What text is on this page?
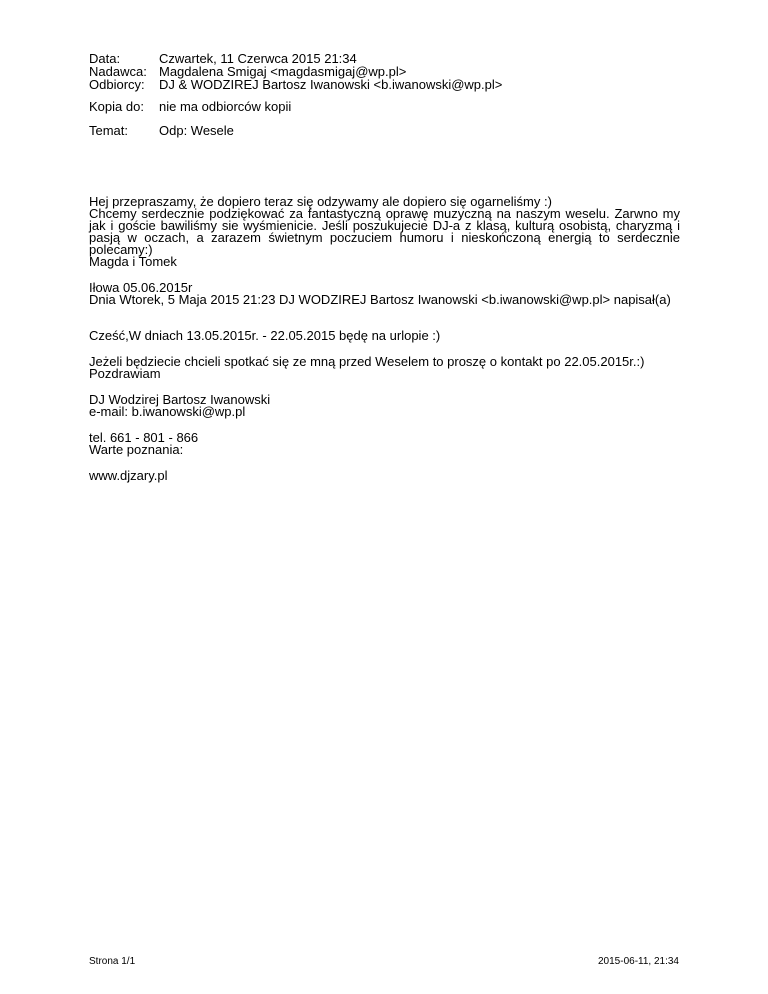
Data:	Czwartek, 11 Czerwca 2015 21:34
Nadawca: Magdalena Smigaj <magdasmigaj@wp.pl>
Odbiorcy:	DJ & WODZIREJ Bartosz Iwanowski <b.iwanowski@wp.pl>
Kopia do:	nie ma odbiorców kopii
Temat:	Odp: Wesele

Hej przepraszamy, że dopiero teraz się odzywamy ale dopiero się ogarneliśmy :)

Chcemy serdecznie podziękować za fantastyczną oprawę muzyczną na naszym weselu. Zarwno my jak i goście bawiliśmy sie wyśmienicie. Jeśli poszukujecie DJ-a z klasą, kulturą osobistą, charyzmą i pasją w oczach, a zarazem świetnym poczuciem humoru i nieskończoną energią to serdecznie polecamy:)

Magda i Tomek

Iłowa 05.06.2015r

Dnia Wtorek, 5 Maja 2015 21:23 DJ WODZIREJ Bartosz Iwanowski <b.iwanowski@wp.pl> napisał(a)

Cześć,W dniach 13.05.2015r. - 22.05.2015 będę na urlopie :)

Jeżeli będziecie chcieli spotkać się ze mną przed Weselem to proszę o kontakt po 22.05.2015r.:)

Pozdrawiam

DJ Wodzirej Bartosz Iwanowski

e-mail: b.iwanowski@wp.pl

tel. 661 - 801 - 866

Warte poznania:

www.djzary.pl

Strona 1/1	2015-06-11, 21:34
